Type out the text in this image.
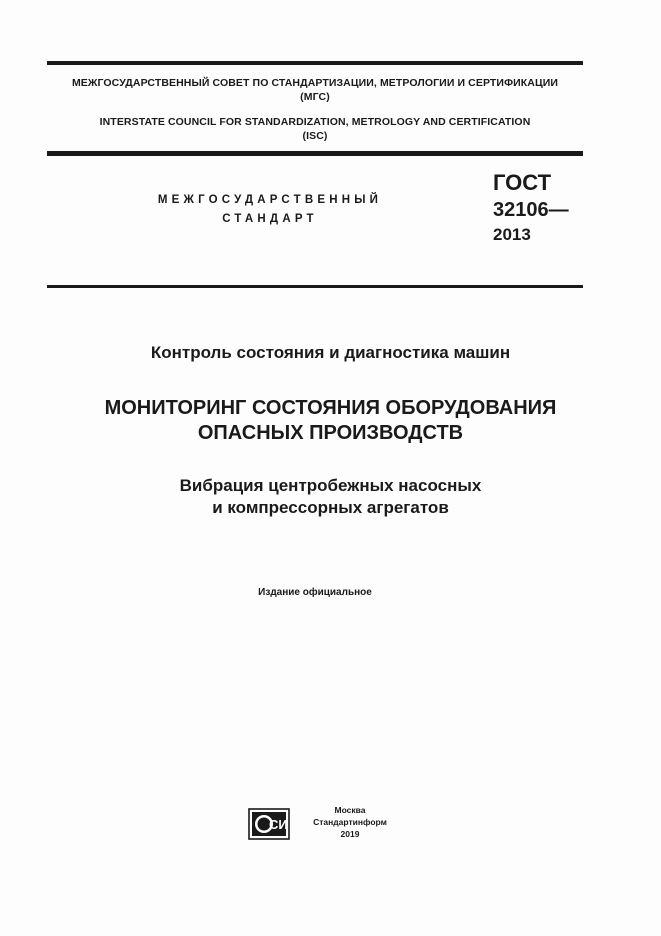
МЕЖГОСУДАРСТВЕННЫЙ СОВЕТ ПО СТАНДАРТИЗАЦИИ, МЕТРОЛОГИИ И СЕРТИФИКАЦИИ
(МГС)
INTERSTATE COUNCIL FOR STANDARDIZATION, METROLOGY AND CERTIFICATION
(ISC)
МЕЖГОСУДАРСТВЕННЫЙ
СТАНДАРТ
ГОСТ
32106—
2013
Контроль состояния и диагностика машин
МОНИТОРИНГ СОСТОЯНИЯ ОБОРУДОВАНИЯ
ОПАСНЫХ ПРОИЗВОДСТВ
Вибрация центробежных насосных
и компрессорных агрегатов
Издание официальное
СИ
Москва
Стандартинформ
2019
